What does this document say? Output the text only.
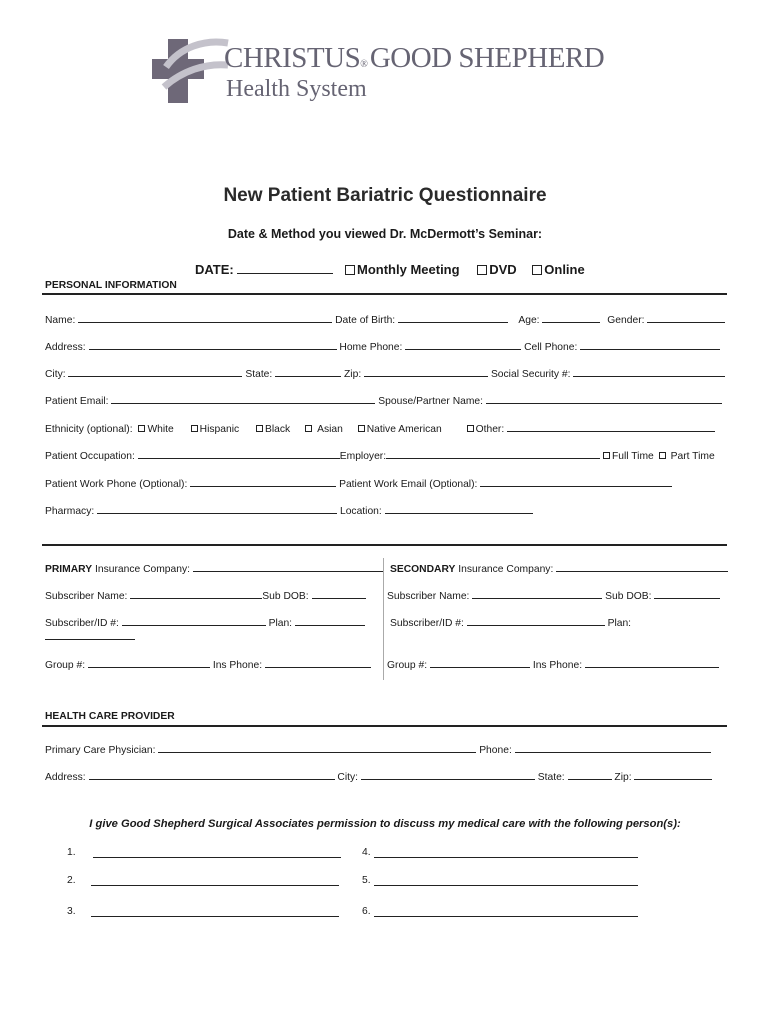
CHRISTUS®GOOD SHEPHERD
Health System
New Patient Bariatric Questionnaire
Date & Method you viewed Dr. McDermott’s Seminar:
DATE:	Monthly Meeting DVD Online
PERSONAL INFORMATION
Name:	Date of Birth:	Age:	Gender:
Address:	Home Phone:	Cell Phone:
City:	State:	Zip:	Social Security #:
Patient Email:	Spouse/Partner Name:
Ethnicity (optional): White	Hispanic	Black	Asian Native American	Other:
Patient Occupation:	Employer:	Full Time Part Time
Patient Work Phone (Optional):	Patient Work Email (Optional):
Pharmacy:	Location:
PRIMARY Insurance Company:	SECONDARY Insurance Company:
Subscriber Name:	Sub DOB:	Subscriber Name:	Sub DOB:
Subscriber/ID #:	Plan:	Subscriber/ID #:	Plan:
Group #:	Ins Phone:	Group #:	Ins Phone:
HEALTH CARE PROVIDER
Primary Care Physician:	Phone:
Address:	City:	State:	Zip:
I give Good Shepherd Surgical Associates permission to discuss my medical care with the following person(s):
1.
2.
3.
4.
5.
6.
